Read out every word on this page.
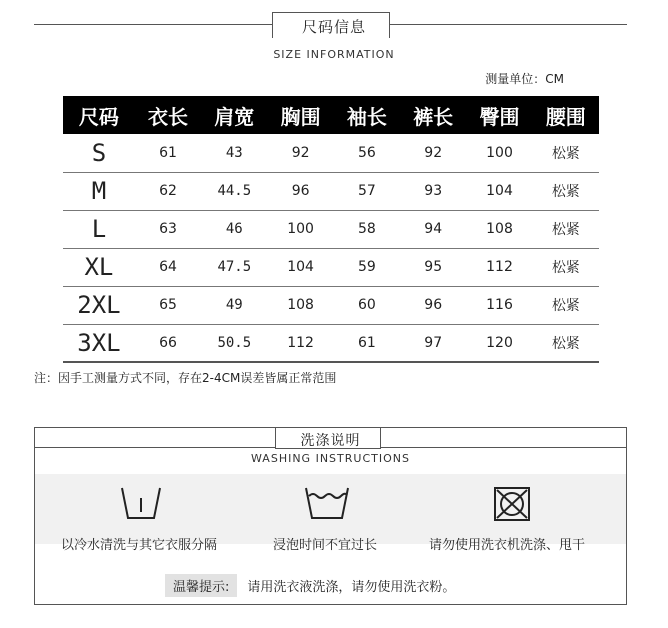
尺码信息
SIZE INFORMATION
测量单位：CM
尺码	衣长	肩宽	胸围	袖长	裤长	臀围	腰围
S	61	43	92	56	92	100	松紧
M	62	44.5	96	57	93	104	松紧
L	63	46	100	58	94	108	松紧
XL	64	47.5	104	59	95	112	松紧
2XL	65	49	108	60	96	116	松紧
3XL	66	50.5	112	61	97	120	松紧
注：因手工测量方式不同，存在2-4CM误差皆属正常范围
洗涤说明
WASHING INSTRUCTIONS
以冷水清洗与其它衣服分隔	浸泡时间不宜过长	请勿使用洗衣机洗涤、甩干
温馨提示:	请用洗衣液洗涤，请勿使用洗衣粉。
